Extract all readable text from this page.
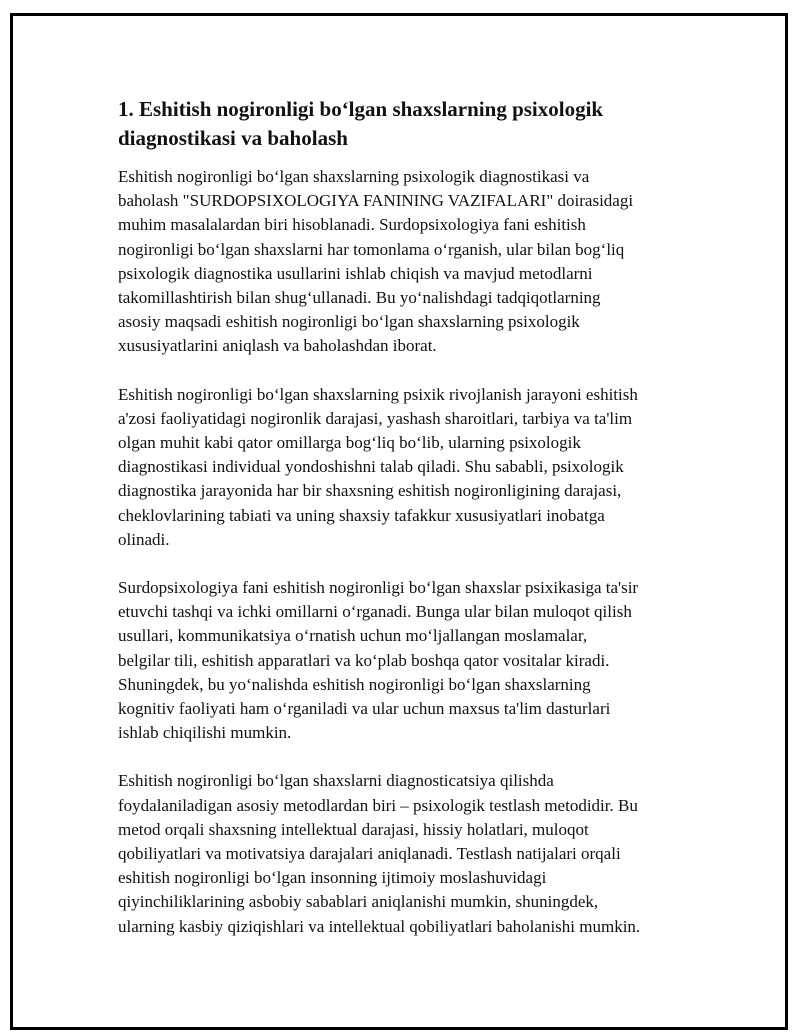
1. Eshitish nogironligi bo‘lgan shaxslarning psixologik diagnostikasi va baholash

Eshitish nogironligi bo‘lgan shaxslarning psixologik diagnostikasi va
baholash "SURDOPSIXOLOGIYA FANINING VAZIFALARI" doirasidagi
muhim masalalardan biri hisoblanadi. Surdopsixologiya fani eshitish
nogironligi bo‘lgan shaxslarni har tomonlama o‘rganish, ular bilan bog‘liq
psixologik diagnostika usullarini ishlab chiqish va mavjud metodlarni
takomillashtirish bilan shug‘ullanadi. Bu yo‘nalishdagi tadqiqotlarning
asosiy maqsadi eshitish nogironligi bo‘lgan shaxslarning psixologik
xususiyatlarini aniqlash va baholashdan iborat.

Eshitish nogironligi bo‘lgan shaxslarning psixik rivojlanish jarayoni eshitish
a'zosi faoliyatidagi nogironlik darajasi, yashash sharoitlari, tarbiya va ta'lim
olgan muhit kabi qator omillarga bog‘liq bo‘lib, ularning psixologik
diagnostikasi individual yondoshishni talab qiladi. Shu sababli, psixologik
diagnostika jarayonida har bir shaxsning eshitish nogironligining darajasi,
cheklovlarining tabiati va uning shaxsiy tafakkur xususiyatlari inobatga
olinadi.

Surdopsixologiya fani eshitish nogironligi bo‘lgan shaxslar psixikasiga ta'sir
etuvchi tashqi va ichki omillarni o‘rganadi. Bunga ular bilan muloqot qilish
usullari, kommunikatsiya o‘rnatish uchun mo‘ljallangan moslamalar,
belgilar tili, eshitish apparatlari va ko‘plab boshqa qator vositalar kiradi.
Shuningdek, bu yo‘nalishda eshitish nogironligi bo‘lgan shaxslarning
kognitiv faoliyati ham o‘rganiladi va ular uchun maxsus ta'lim dasturlari
ishlab chiqilishi mumkin.

Eshitish nogironligi bo‘lgan shaxslarni diagnosticatsiya qilishda
foydalaniladigan asosiy metodlardan biri – psixologik testlash metodidir. Bu
metod orqali shaxsning intellektual darajasi, hissiy holatlari, muloqot
qobiliyatlari va motivatsiya darajalari aniqlanadi. Testlash natijalari orqali
eshitish nogironligi bo‘lgan insonning ijtimoiy moslashuvidagi
qiyinchiliklarining asbobiy sabablari aniqlanishi mumkin, shuningdek,
ularning kasbiy qiziqishlari va intellektual qobiliyatlari baholanishi mumkin.
